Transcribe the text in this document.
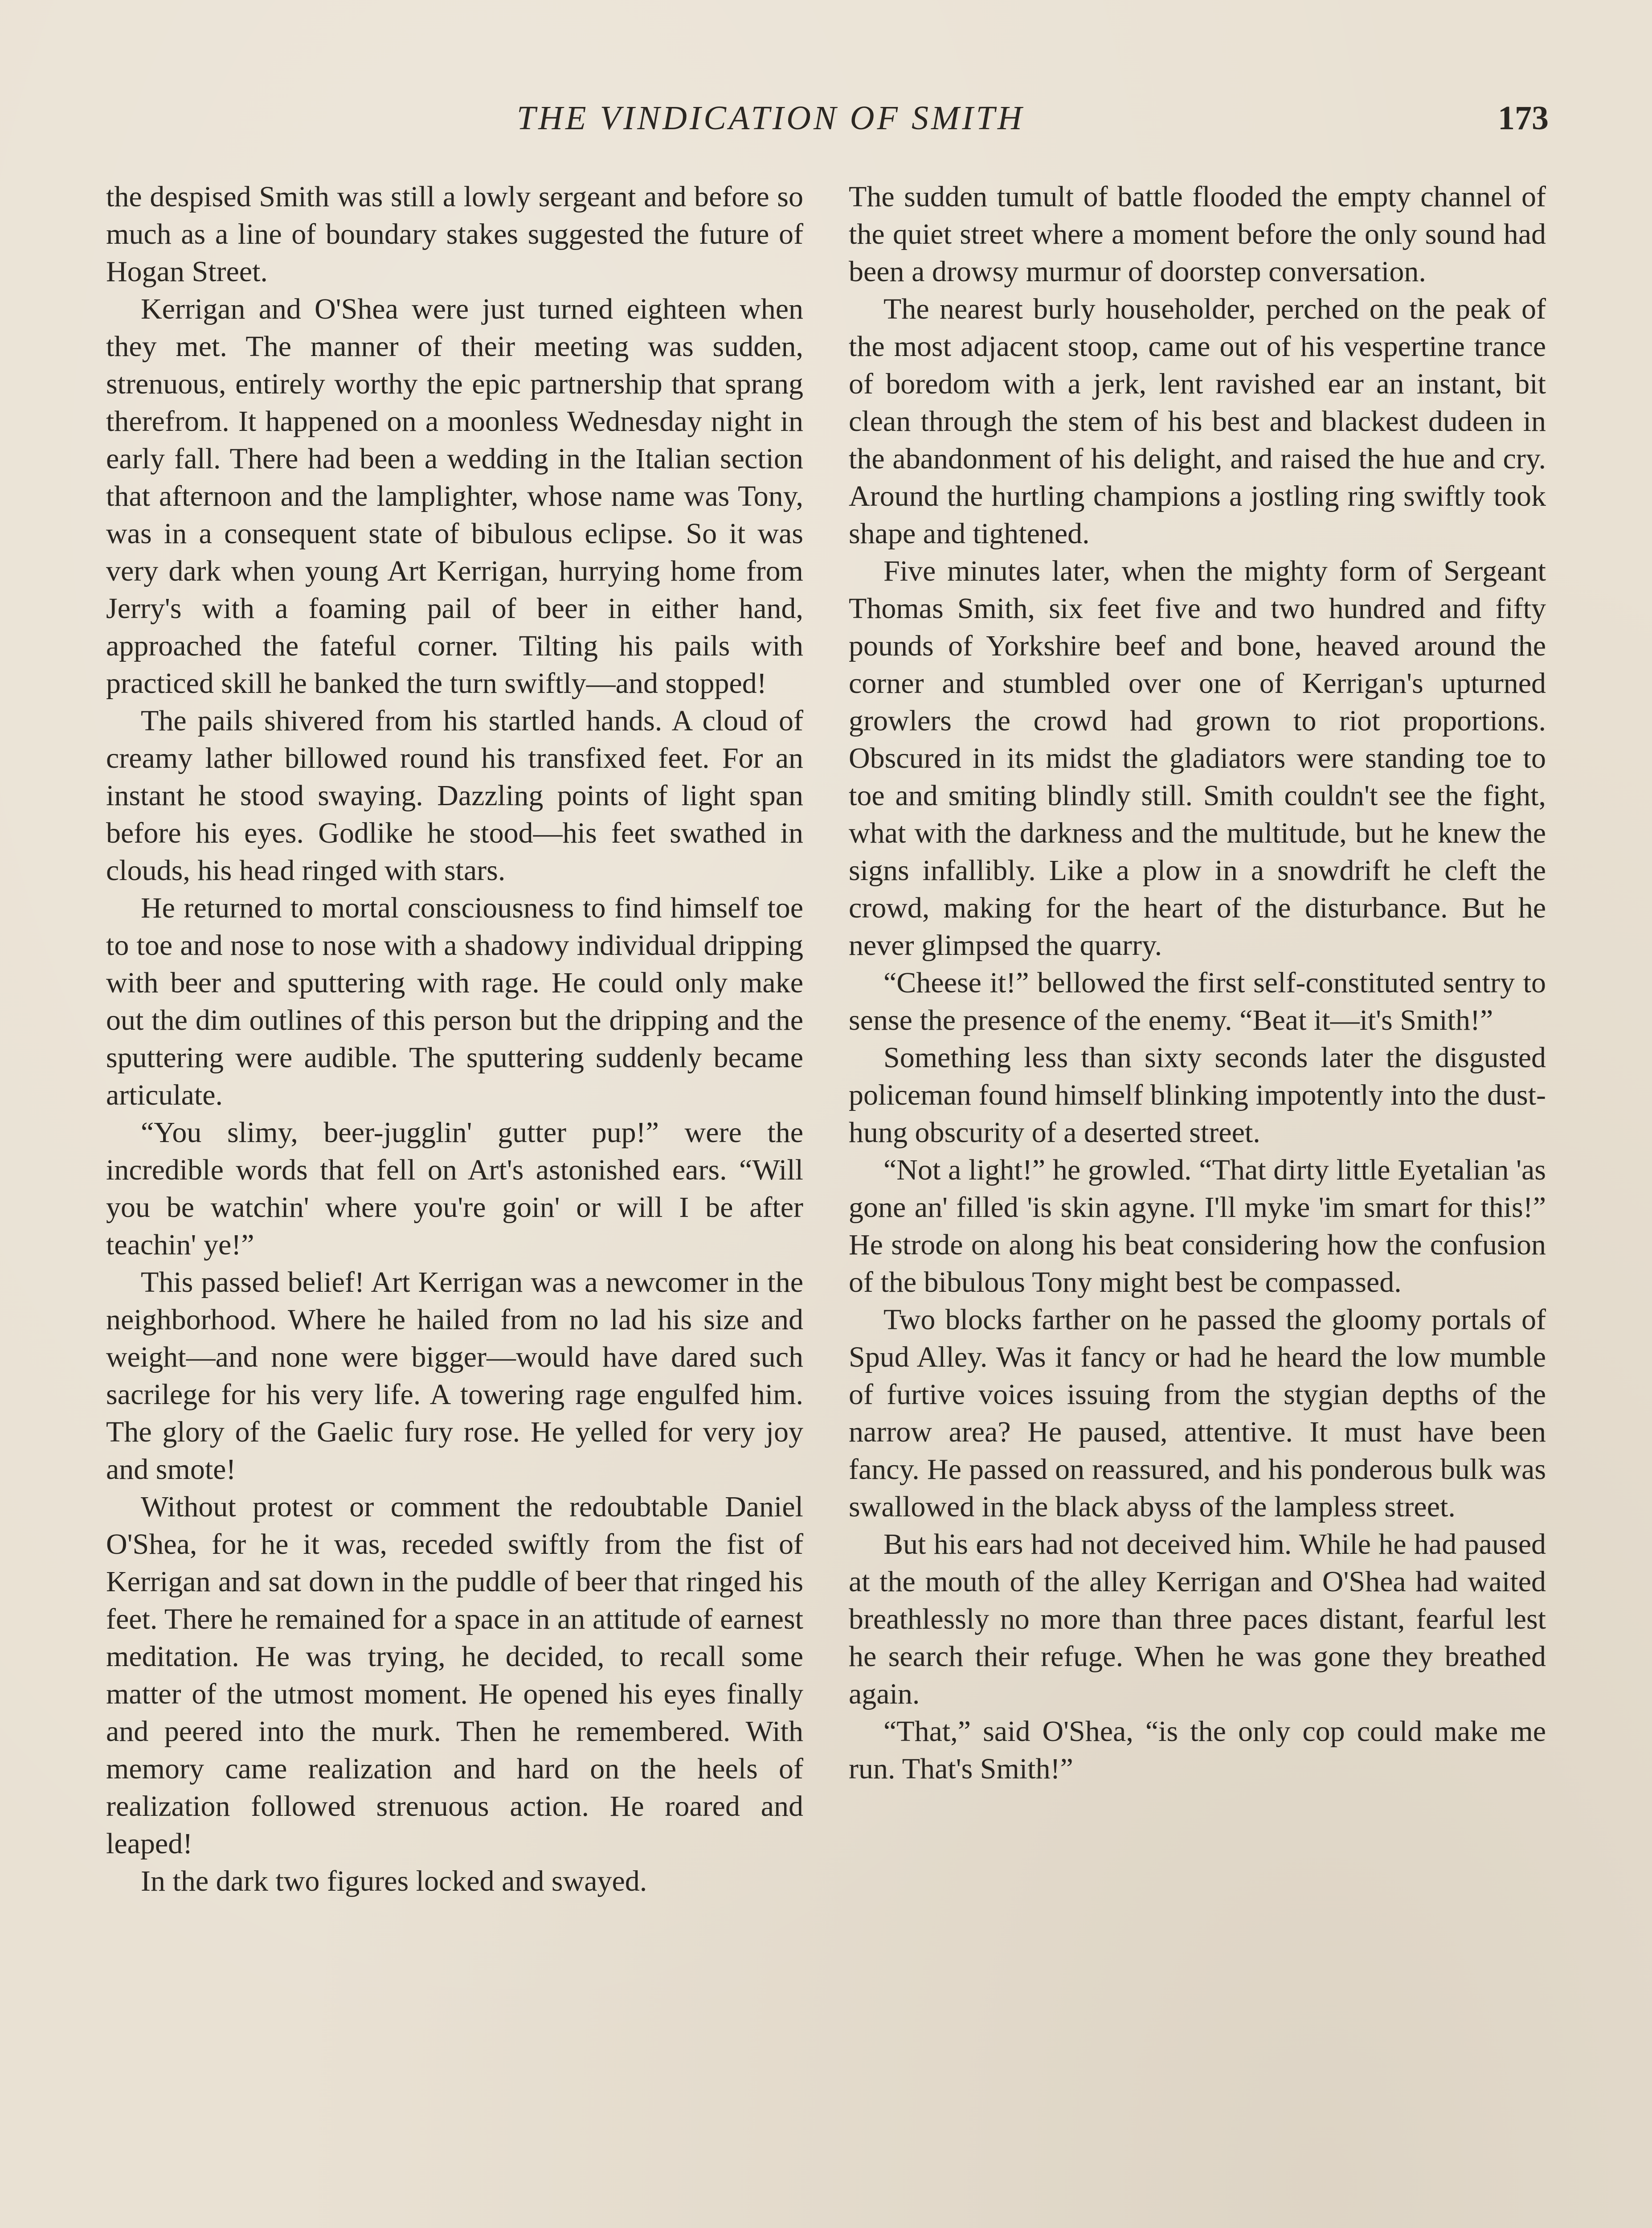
THE VINDICATION OF SMITH	173

the despised Smith was still a lowly sergeant and before so much as a line of boundary stakes suggested the future of Hogan Street.

Kerrigan and O'Shea were just turned eighteen when they met. The manner of their meeting was sudden, strenuous, entirely worthy the epic partnership that sprang therefrom. It happened on a moonless Wednesday night in early fall. There had been a wedding in the Italian section that afternoon and the lamplighter, whose name was Tony, was in a consequent state of bibulous eclipse. So it was very dark when young Art Kerrigan, hurrying home from Jerry's with a foaming pail of beer in either hand, approached the fateful corner. Tilting his pails with practiced skill he banked the turn swiftly—and stopped!

The pails shivered from his startled hands. A cloud of creamy lather billowed round his transfixed feet. For an instant he stood swaying. Dazzling points of light span before his eyes. Godlike he stood—his feet swathed in clouds, his head ringed with stars.

He returned to mortal consciousness to find himself toe to toe and nose to nose with a shadowy individual dripping with beer and sputtering with rage. He could only make out the dim outlines of this person but the dripping and the sputtering were audible. The sputtering suddenly became articulate.

“You slimy, beer-jugglin' gutter pup!” were the incredible words that fell on Art's astonished ears. “Will you be watchin' where you're goin' or will I be after teachin' ye!”

This passed belief! Art Kerrigan was a newcomer in the neighborhood. Where he hailed from no lad his size and weight—and none were bigger—would have dared such sacrilege for his very life. A towering rage engulfed him. The glory of the Gaelic fury rose. He yelled for very joy and smote!

Without protest or comment the redoubtable Daniel O'Shea, for he it was, receded swiftly from the fist of Kerrigan and sat down in the puddle of beer that ringed his feet. There he remained for a space in an attitude of earnest meditation. He was trying, he decided, to recall some matter of the utmost moment. He opened his eyes finally and peered into the murk. Then he remembered. With memory came realization and hard on the heels of realization followed strenuous action. He roared and leaped!

In the dark two figures locked and swayed.

The sudden tumult of battle flooded the empty channel of the quiet street where a moment before the only sound had been a drowsy murmur of doorstep conversation.

The nearest burly householder, perched on the peak of the most adjacent stoop, came out of his vespertine trance of boredom with a jerk, lent ravished ear an instant, bit clean through the stem of his best and blackest dudeen in the abandonment of his delight, and raised the hue and cry. Around the hurtling champions a jostling ring swiftly took shape and tightened.

Five minutes later, when the mighty form of Sergeant Thomas Smith, six feet five and two hundred and fifty pounds of Yorkshire beef and bone, heaved around the corner and stumbled over one of Kerrigan's upturned growlers the crowd had grown to riot proportions. Obscured in its midst the gladiators were standing toe to toe and smiting blindly still. Smith couldn't see the fight, what with the darkness and the multitude, but he knew the signs infallibly. Like a plow in a snowdrift he cleft the crowd, making for the heart of the disturbance. But he never glimpsed the quarry.

“Cheese it!” bellowed the first self-constituted sentry to sense the presence of the enemy. “Beat it—it's Smith!”

Something less than sixty seconds later the disgusted policeman found himself blinking impotently into the dust-hung obscurity of a deserted street.

“Not a light!” he growled. “That dirty little Eyetalian 'as gone an' filled 'is skin agyne. I'll myke 'im smart for this!” He strode on along his beat considering how the confusion of the bibulous Tony might best be compassed.

Two blocks farther on he passed the gloomy portals of Spud Alley. Was it fancy or had he heard the low mumble of furtive voices issuing from the stygian depths of the narrow area? He paused, attentive. It must have been fancy. He passed on reassured, and his ponderous bulk was swallowed in the black abyss of the lampless street.

But his ears had not deceived him. While he had paused at the mouth of the alley Kerrigan and O'Shea had waited breathlessly no more than three paces distant, fearful lest he search their refuge. When he was gone they breathed again.

“That,” said O'Shea, “is the only cop could make me run. That's Smith!”
